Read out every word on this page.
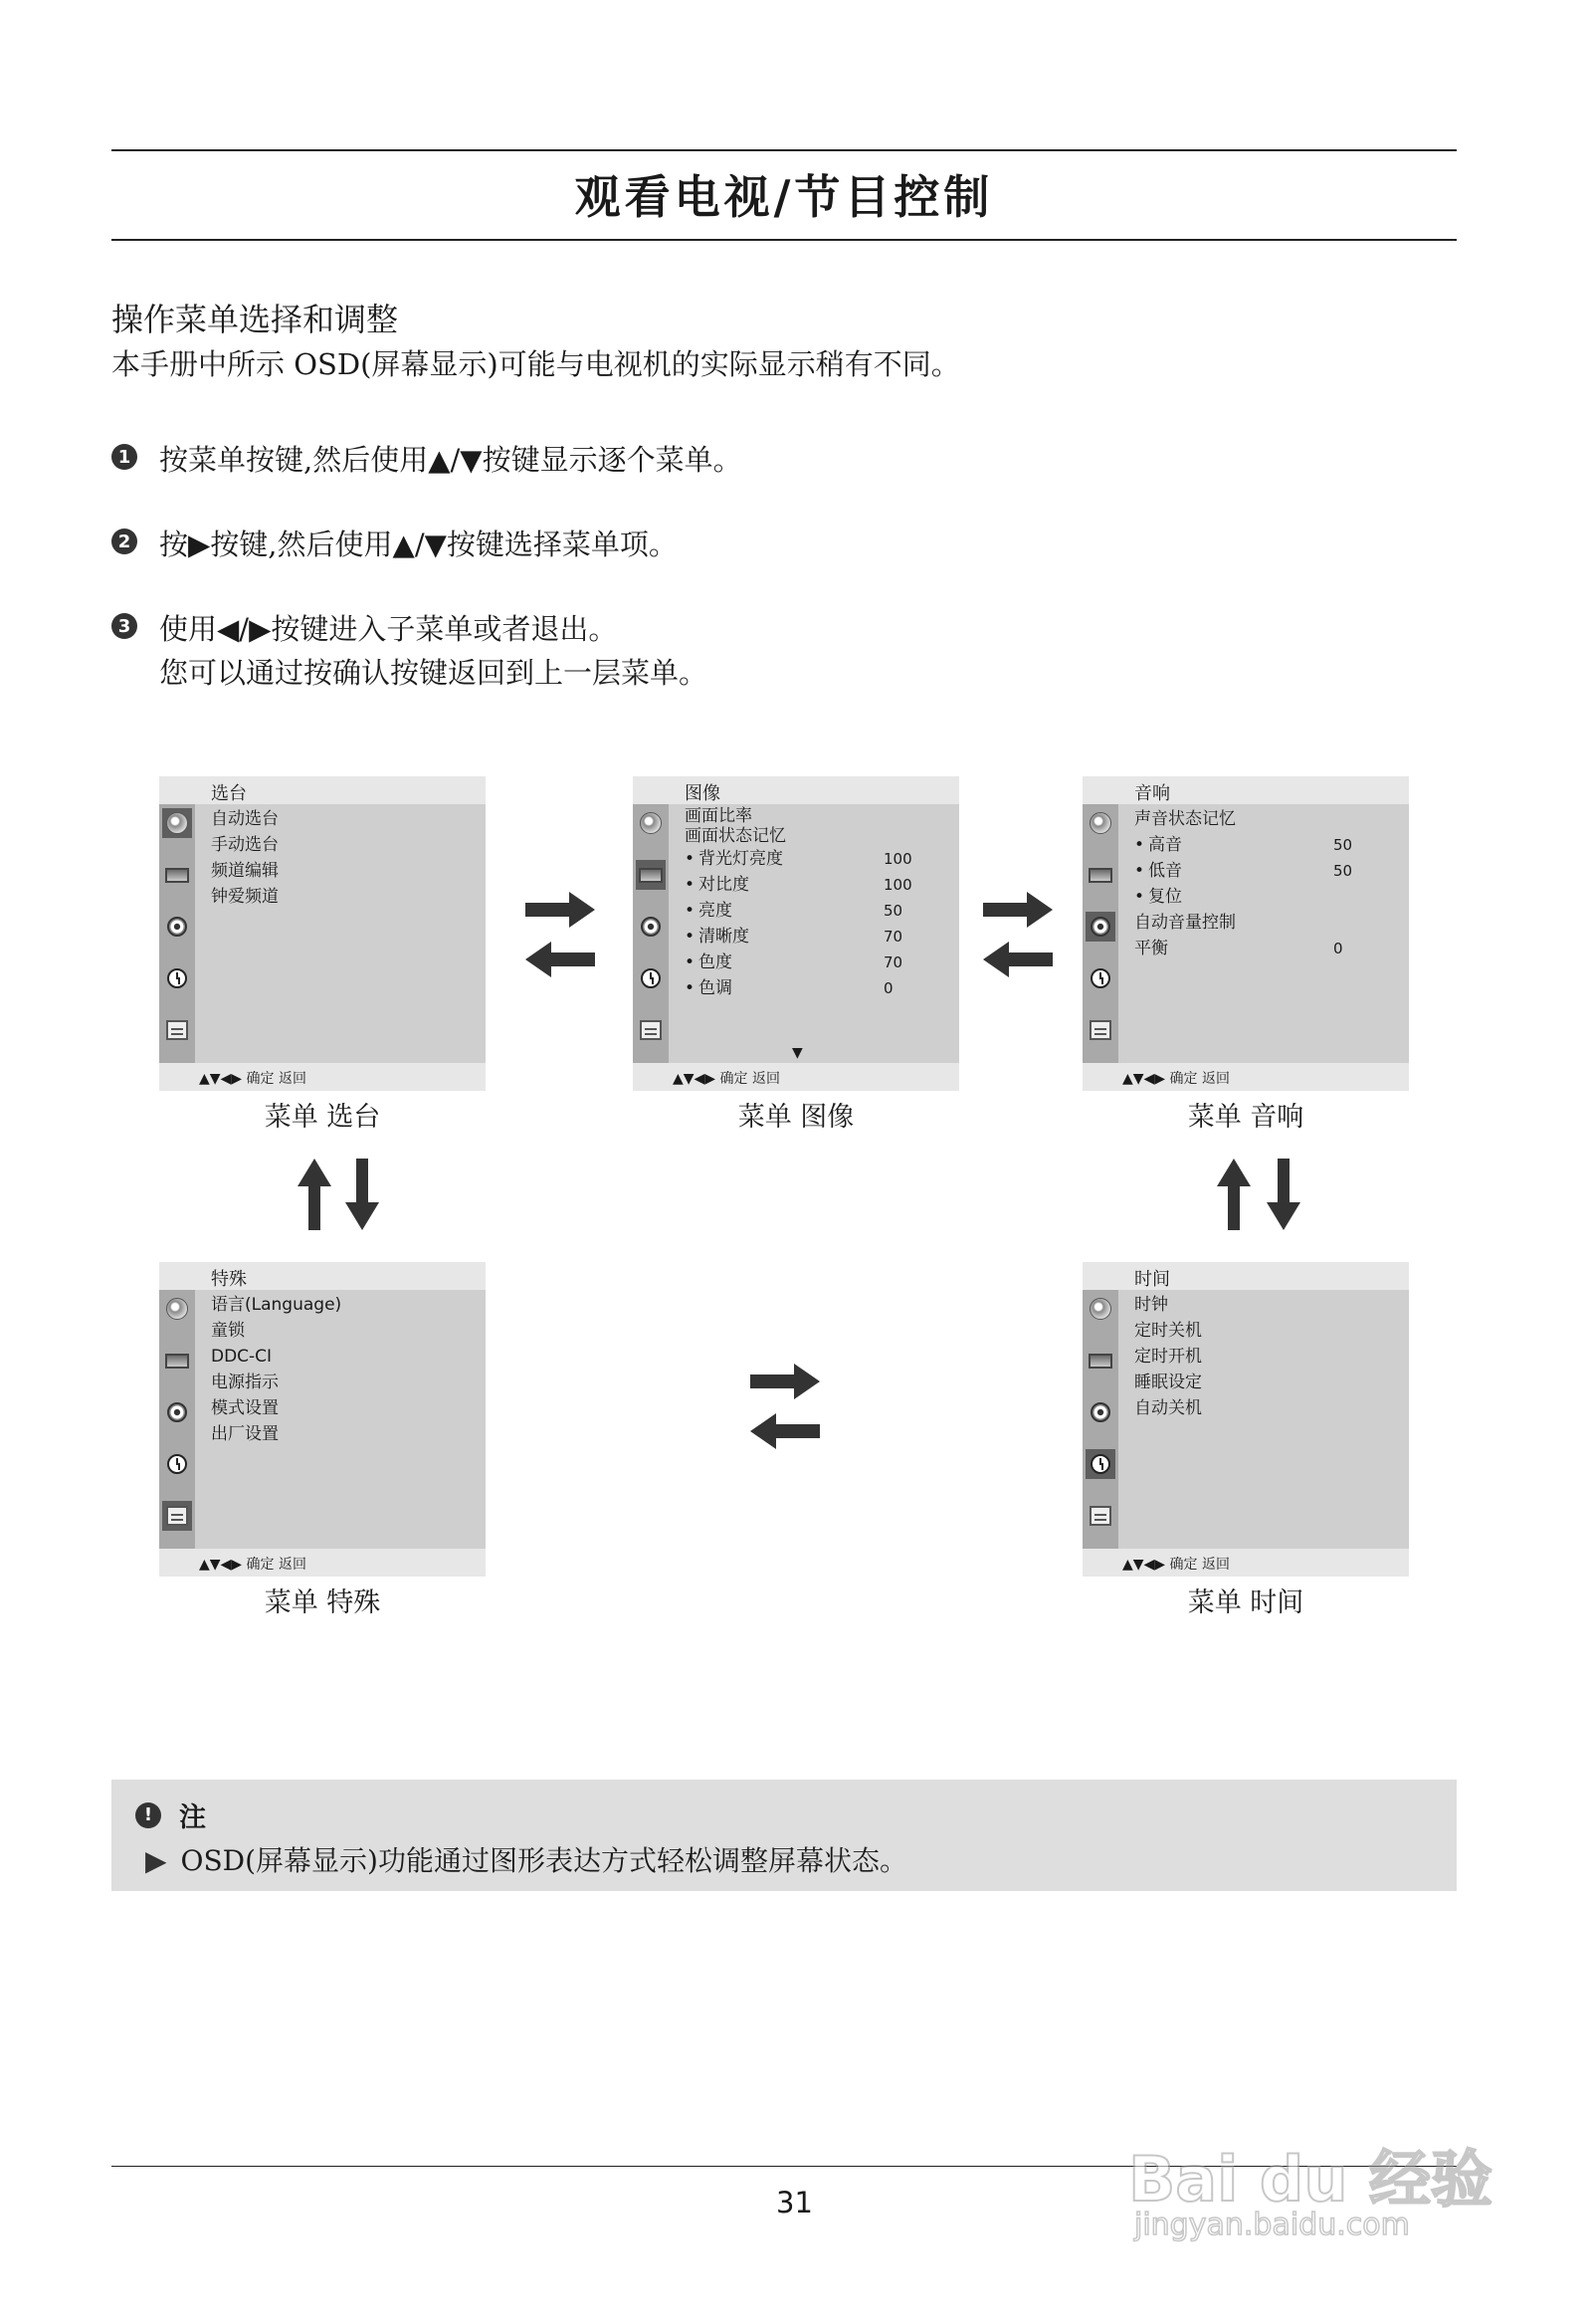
观看电视/节目控制
操作菜单选择和调整
本手册中所示 OSD(屏幕显示)可能与电视机的实际显示稍有不同。
1 按菜单按键,然后使用▲/▼按键显示逐个菜单。
2 按▶按键,然后使用▲/▼按键选择菜单项。
3 使用◀/▶按键进入子菜单或者退出。
您可以通过按确认按键返回到上一层菜单。
选台
自动选台
手动选台
频道编辑
钟爱频道
▲▼◀▶ 确定 返回
菜单 选台
图像
画面比率
画面状态记忆
• 背光灯亮度	100
• 对比度	100
• 亮度	50
• 清晰度	70
• 色度	70
• 色调	0
▼
▲▼◀▶ 确定 返回
菜单 图像
音响
声音状态记忆
• 高音	50
• 低音	50
• 复位
自动音量控制
平衡	0
▲▼◀▶ 确定 返回
菜单 音响
特殊
语言(Language)
童锁
DDC-CI
电源指示
模式设置
出厂设置
▲▼◀▶ 确定 返回
菜单 特殊
时间
时钟
定时关机
定时开机
睡眠设定
自动关机
▲▼◀▶ 确定 返回
菜单 时间
! 注
▶ OSD(屏幕显示)功能通过图形表达方式轻松调整屏幕状态。
31	Bai du 经验
jingyan.baidu.com
